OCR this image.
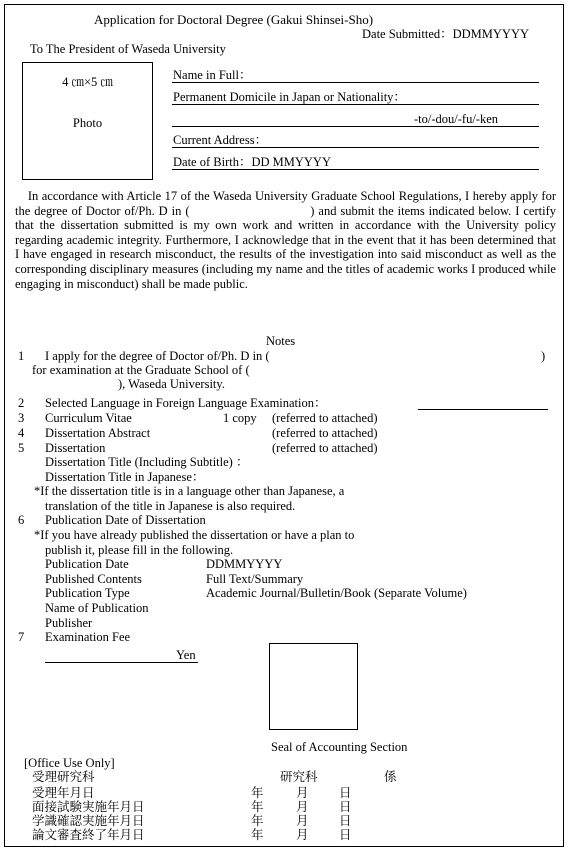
Application for Doctoral Degree (Gakui Shinsei-Sho)
Date Submitted：DDMMYYYY
To The President of Waseda University
4 ㎝×5 ㎝
Photo
Name in Full：
Permanent Domicile in Japan or Nationality：
-to/-dou/-fu/-ken
Current Address：
Date of Birth：DD MMYYYY
　In accordance with Article 17 of the Waseda University Graduate School Regulations, I hereby apply for the degree of Doctor of/Ph. D in (　　　　　　　　　) and submit the items indicated below. I certify that the dissertation submitted is my own work and written in accordance with the University policy regarding academic integrity. Furthermore, I acknowledge that in the event that it has been determined that I have engaged in research misconduct, the results of the investigation into said misconduct as well as the corresponding disciplinary measures (including my name and the titles of academic works I produced while engaging in misconduct) shall be made public.
Notes
1 I apply for the degree of Doctor of/Ph. D in (	)
for examination at the Graduate School of (
), Waseda University.
2 Selected Language in Foreign Language Examination：
3 Curriculum Vitae	1 copy (referred to attached)
4 Dissertation Abstract	(referred to attached)
5 Dissertation	(referred to attached)
Dissertation Title (Including Subtitle) ：
Dissertation Title in Japanese：
*If the dissertation title is in a language other than Japanese, a
translation of the title in Japanese is also required.
6 Publication Date of Dissertation
*If you have already published the dissertation or have a plan to
publish it, please fill in the following.
Publication Date	DDMMYYYY
Published Contents	Full Text/Summary
Publication Type	Academic Journal/Bulletin/Book (Separate Volume)
Name of Publication
Publisher
7 Examination Fee
Yen
Seal of Accounting Section
[Office Use Only]
受理研究科	研究科	係
受理年月日	年	月 日
面接試験実施年月日	年	月 日
学識確認実施年月日	年	月 日
論文審査終了年月日	年	月 日
